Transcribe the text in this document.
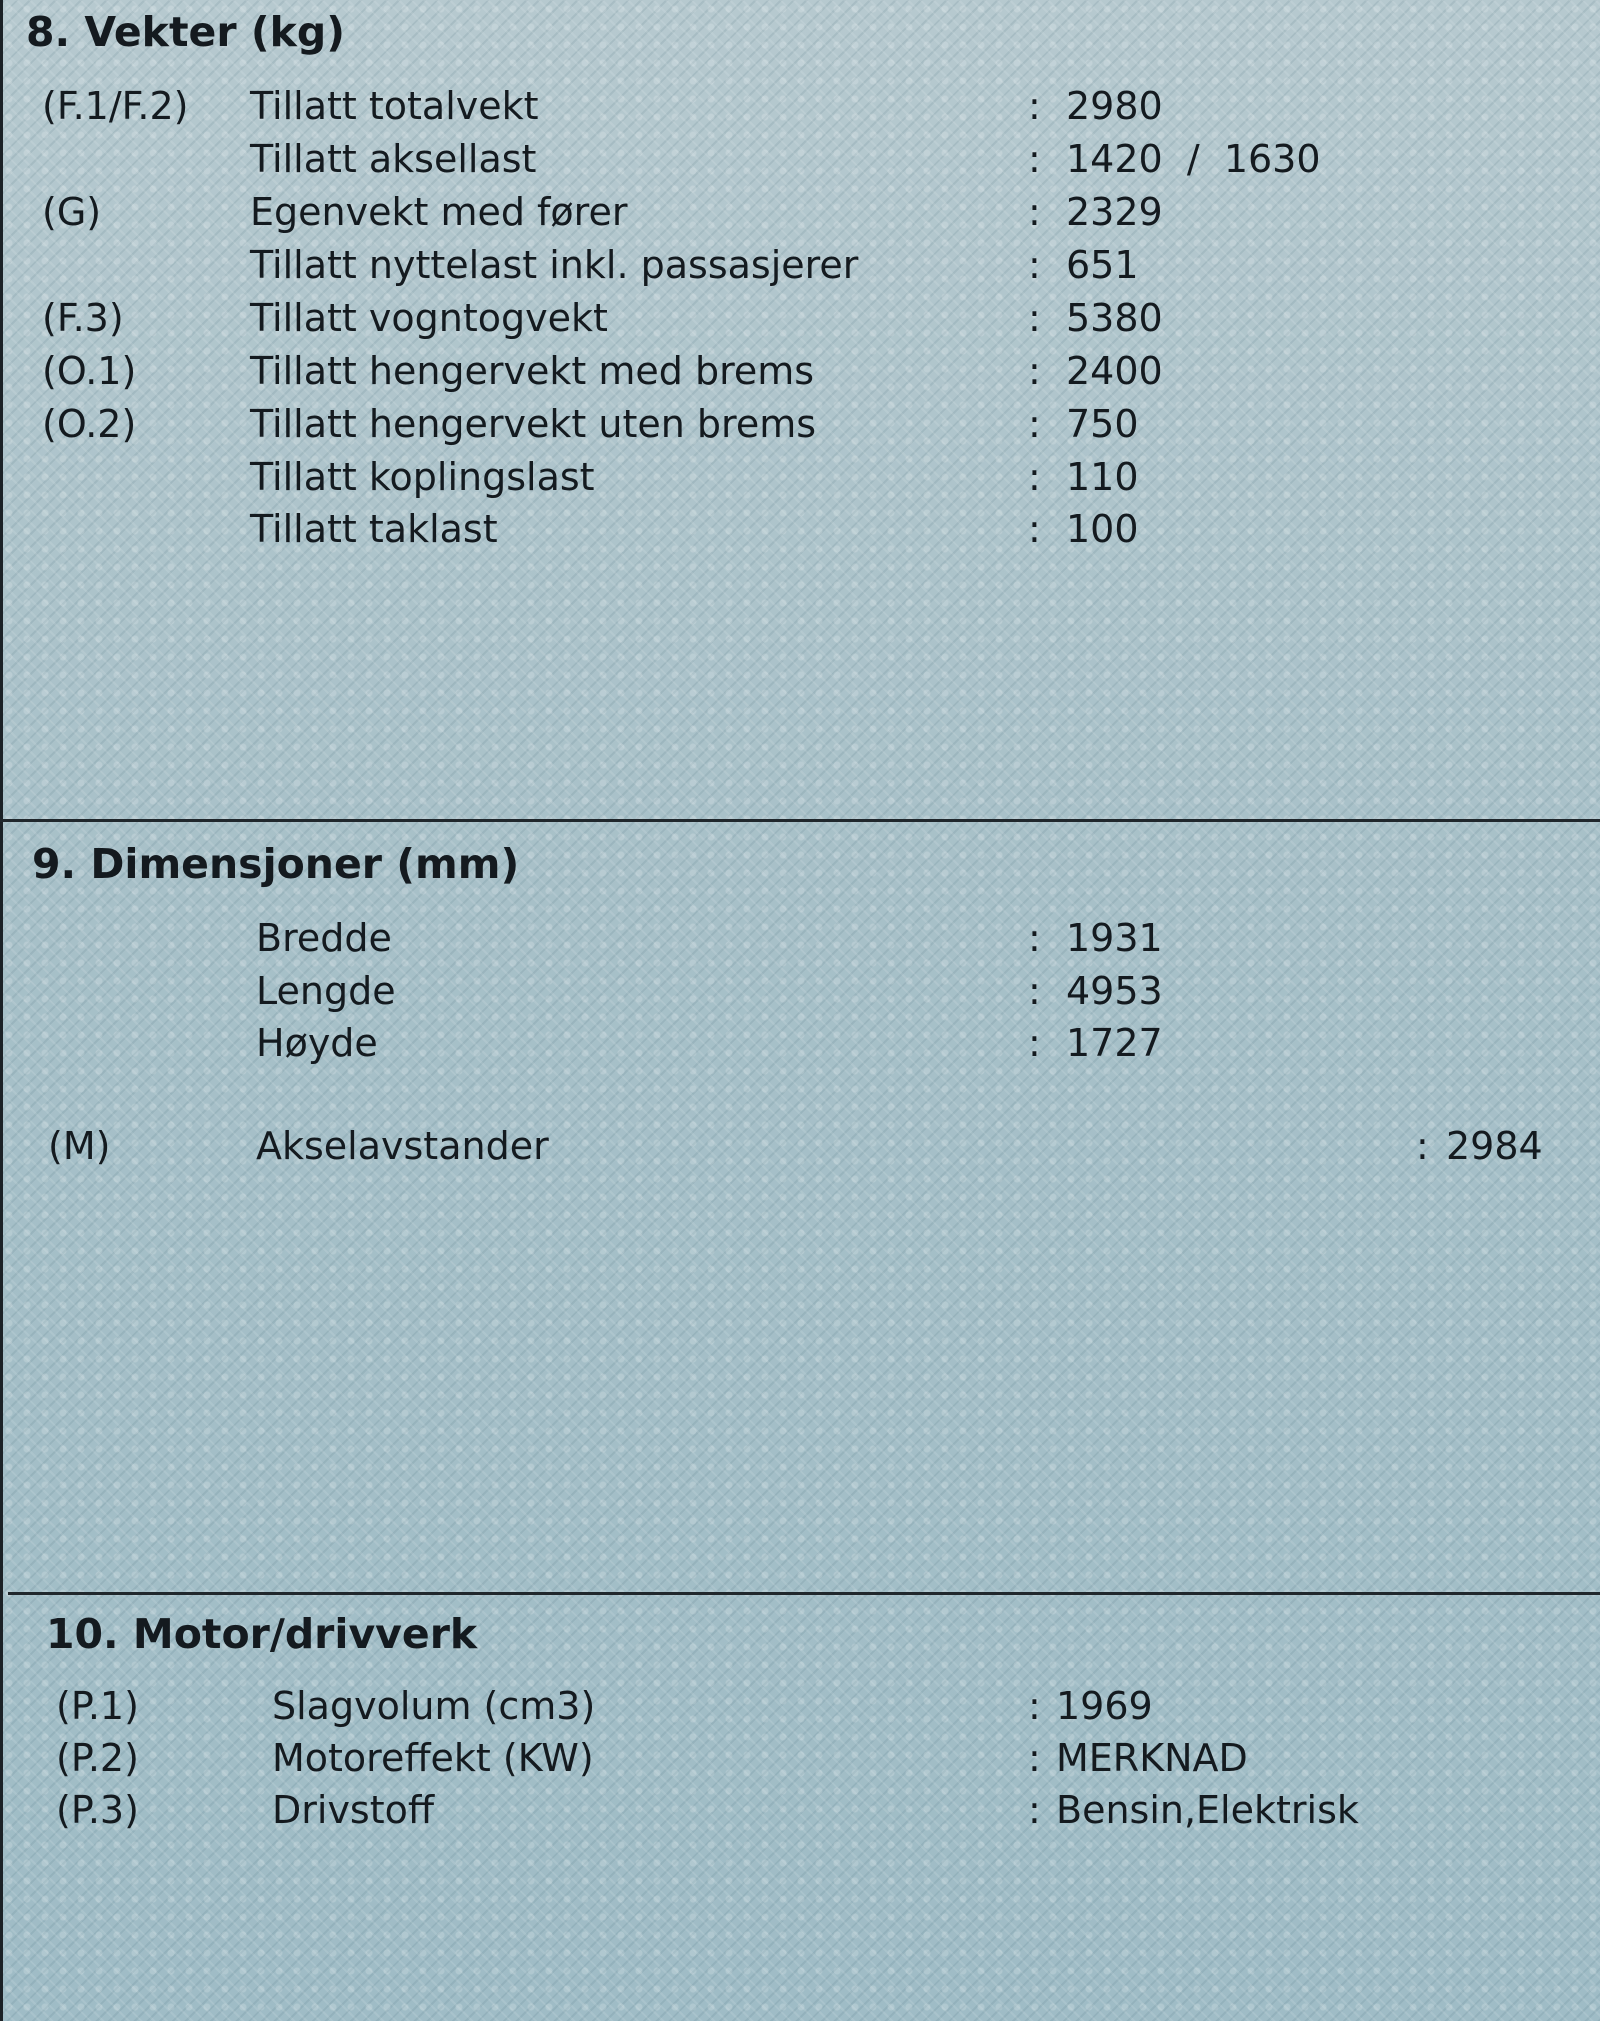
8. Vekter (kg)
(F.1/F.2) Tillatt totalvekt	: 2980
Tillatt aksellast	: 1420  /  1630
(G)	Egenvekt med fører	: 2329
Tillatt nyttelast inkl. passasjerer	: 651
(F.3)	Tillatt vogntogvekt	: 5380
(O.1)	Tillatt hengervekt med brems	: 2400
(O.2)	Tillatt hengervekt uten brems	: 750
Tillatt koplingslast	: 110
Tillatt taklast	: 100
9. Dimensjoner (mm)
Bredde	: 1931
Lengde	: 4953
Høyde	: 1727
(M)	Akselavstander	: 2984
10. Motor/drivverk
(P.1)	Slagvolum (cm3)	: 1969
(P.2)	Motoreffekt (KW)	: MERKNAD
(P.3)	Drivstoff	: Bensin,Elektrisk
